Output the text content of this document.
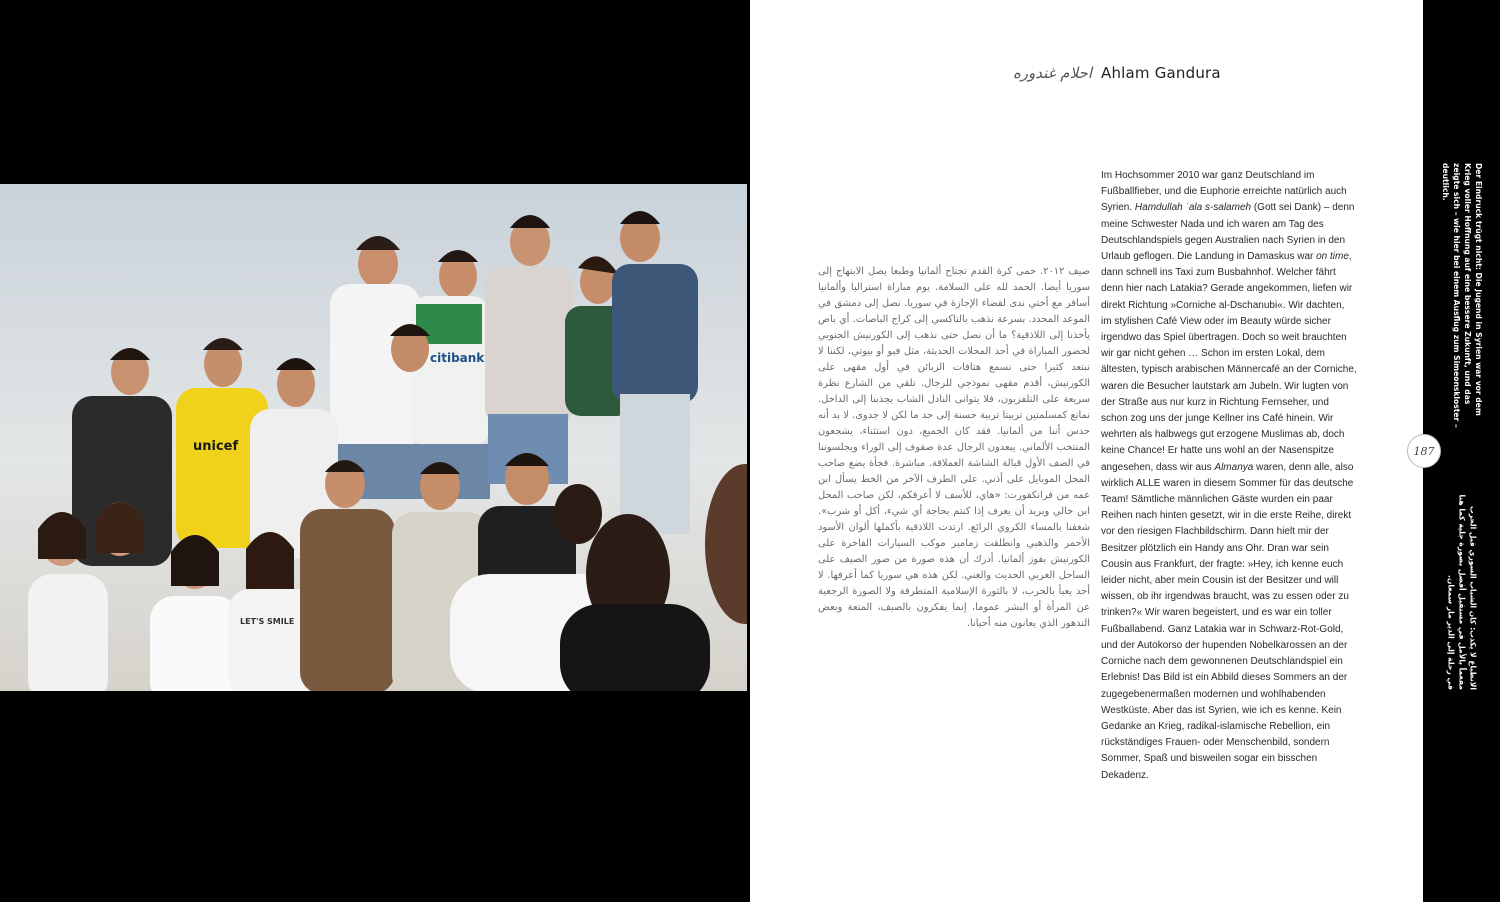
unicef
citibank
LET'S SMILE
احلام غندوره Ahlam Gandura
صيف ٢٠١٢. حمى كرة القدم تجتاح ألمانيا وطبعا يصل الابتهاج إلى سوريا أيضا. الحمد لله على السلامة. يوم مباراة استراليا وألمانيا أسافر مع أختي ندى لقضاء الإجازة في سوريا. نصل إلى دمشق في الموعد المحدد. بسرعة نذهب بالتاكسي إلى كراج الباصات. أي باص يأخذنا إلى اللاذقية؟ ما أن نصل حتى نذهب إلى الكورنيش الجنوبي لحضور المباراة في أحد المحلات الحديثة، مثل فيو أو بيوتي، لكننا لا نبتعد كثيرا حتى نسمع هتافات الزبائن في أول مقهى على الكورنيش، أقدم مقهى نموذجي للرجال. نلقي من الشارع نظرة سريعة على التلفزيون، فلا يتوانى النادل الشاب بجذبنا إلى الداخل. نمانع كمسلمتين تربيتا تربية حسنة إلى حد ما لكن لا جدوى. لا بد أنه حدس أننا من ألمانيا. فقد كان الجميع، دون استثناء، يشجعون المنتخب الألماني. يبعدون الرجال عدة صفوف إلى الوراء ويجلسوننا في الصف الأول قبالة الشاشة العملاقة. مباشرة. فجأة يضع صاحب المحل الموبايل على أذني. على الطرف الآخر من الخط يسأل ابن عمه من فرانكفورت: «هاي، للأسف لا أعرفكم، لكن صاحب المحل ابن خالي ويريد أن يعرف إذا كنتم بحاجة أي شيء، أكل أو شرب». شغفنا بالمساء الكروي الرائع. ارتدت اللاذقية بأكملها ألوان الأسود الأحمر والذهبي وانطلقت زمامير موكب السيارات الفاخرة على الكورنيش بفوز ألمانيا. أدرك أن هذه صورة من صور الصيف على الساحل الغربي الحديث والغني. لكن هذه هي سوريا كما أعرفها. لا أحد يعبأ بالحرب، لا بالثورة الإسلامية المتطرفة ولا الصورة الرجعية عن المرأة أو البشر عموما، إنما يفكرون بالصيف، المتعة وبعض التدهور الذي يعانون منه أحيانا.

Im Hochsommer 2010 war ganz Deutschland im Fußballfieber, und die Euphorie erreichte natürlich auch Syrien. Hamdullah ʿala s-salameh (Gott sei Dank) – denn meine Schwester Nada und ich waren am Tag des Deutschlandspiels gegen Australien nach Syrien in den Urlaub geflogen. Die Landung in Damaskus war on time, dann schnell ins Taxi zum Busbahnhof. Welcher fährt denn hier nach Latakia? Gerade angekommen, liefen wir direkt Richtung »Corniche al-Dschanubi«. Wir dachten, im stylishen Café View oder im Beauty würde sicher irgendwo das Spiel übertragen. Doch so weit brauchten wir gar nicht gehen … Schon im ersten Lokal, dem ältesten, typisch arabischen Männercafé an der Corniche, waren die Besucher lautstark am Jubeln. Wir lugten von der Straße aus nur kurz in Richtung Fernseher, und schon zog uns der junge Kellner ins Café hinein. Wir wehrten als halbwegs gut erzogene Muslimas ab, doch keine Chance! Er hatte uns wohl an der Nasenspitze angesehen, dass wir aus Almanya waren, denn alle, also wirklich ALLE waren in diesem Sommer für das deutsche Team! Sämtliche männlichen Gäste wurden ein paar Reihen nach hinten gesetzt, wir in die erste Reihe, direkt vor den riesigen Flachbildschirm. Dann hielt mir der Besitzer plötzlich ein Handy ans Ohr. Dran war sein Cousin aus Frankfurt, der fragte: »Hey, ich kenne euch leider nicht, aber mein Cousin ist der Besitzer und will wissen, ob ihr irgendwas braucht, was zu essen oder zu trinken?« Wir waren begeistert, und es war ein toller Fußballabend. Ganz Latakia war in Schwarz-Rot-Gold, und der Autokorso der hupenden Nobelkarossen an der Corniche nach dem gewonnenen Deutschlandspiel ein Erlebnis! Das Bild ist ein Abbild dieses Sommers an der zugegebenermaßen modernen und wohlhabenden Westküste. Aber das ist Syrien, wie ich es kenne. Kein Gedanke an Krieg, radikal-islamische Rebellion, ein rückständiges Frauen- oder Menschenbild, sondern Sommer, Spaß und bisweilen sogar ein bisschen Dekadenz.

Der Eindruck trügt nicht: Die Jugend in Syrien war vor dem Krieg voller Hoffnung auf eine bessere Zukunft, und das zeigte sich – wie hier bei einem Ausflug zum Simeonskloster – deutlich.
الانطباع لا يكذب: كان الشباب السوري قبل الحرب مفعماً بالأمل في مستقبل أفضل بصورة جلية كما هنا في رحلة إلى الدير مار سمعان.
187
